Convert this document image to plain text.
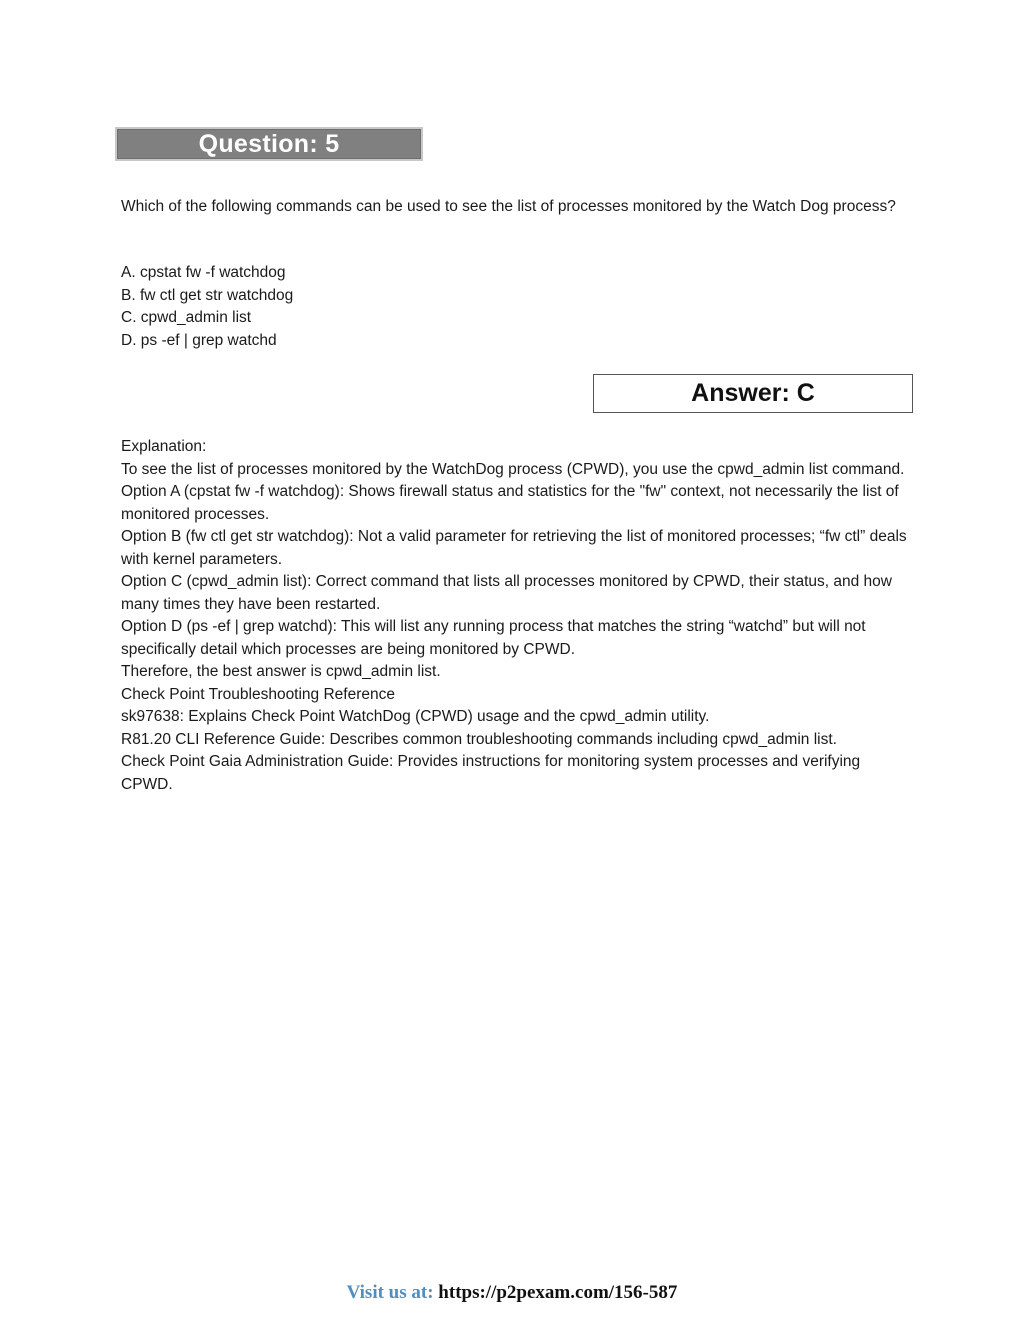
Question: 5

Which of the following commands can be used to see the list of processes monitored by the Watch Dog process?

A. cpstat fw -f watchdog
B. fw ctl get str watchdog
C. cpwd_admin list
D. ps -ef | grep watchd
Answer: C

Explanation:

To see the list of processes monitored by the WatchDog process (CPWD), you use the cpwd_admin list command.

Option A (cpstat fw -f watchdog): Shows firewall status and statistics for the "fw" context, not necessarily the list of monitored processes.

Option B (fw ctl get str watchdog): Not a valid parameter for retrieving the list of monitored processes; “fw ctl” deals with kernel parameters.

Option C (cpwd_admin list): Correct command that lists all processes monitored by CPWD, their status, and how many times they have been restarted.

Option D (ps -ef | grep watchd): This will list any running process that matches the string “watchd” but will not specifically detail which processes are being monitored by CPWD.

Therefore, the best answer is cpwd_admin list.

Check Point Troubleshooting Reference

sk97638: Explains Check Point WatchDog (CPWD) usage and the cpwd_admin utility.

R81.20 CLI Reference Guide: Describes common troubleshooting commands including cpwd_admin list.

Check Point Gaia Administration Guide: Provides instructions for monitoring system processes and verifying CPWD.

Visit us at: https://p2pexam.com/156-587
